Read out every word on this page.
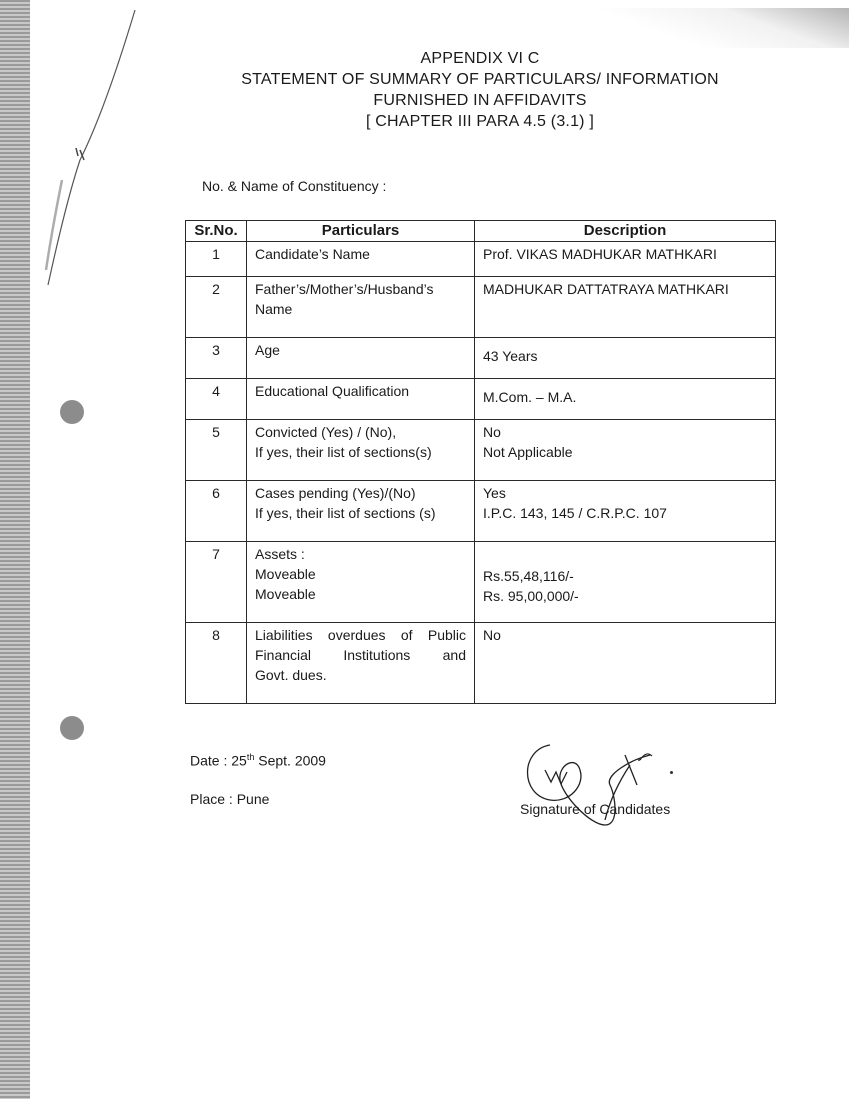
APPENDIX VI C
STATEMENT OF SUMMARY OF PARTICULARS/ INFORMATION
FURNISHED IN AFFIDAVITS
[ CHAPTER III PARA 4.5 (3.1) ]
No. & Name of Constituency :
Sr.No.	Particulars	Description
1	Candidate’s Name	Prof. VIKAS MADHUKAR MATHKARI

2	Father’s/Mother’s/Husband’s
Name	MADHUKAR DATTATRAYA MATHKARI

3	Age	43 Years

4	Educational Qualification	M.Com. – M.A.

5	Convicted (Yes) / (No),
If yes, their list of sections(s)	No
Not Applicable

6	Cases pending (Yes)/(No)
If yes, their list of sections (s)	Yes
I.P.C. 143, 145 / C.R.P.C. 107

7	Assets :
Moveable
Moveable	Rs.55,48,116/-
Rs. 95,00,000/-

8	Liabilities overdues of Public
Financial Institutions and
Govt. dues.	No
Date : 25th Sept. 2009
Place : Pune
Signature of Candidates
